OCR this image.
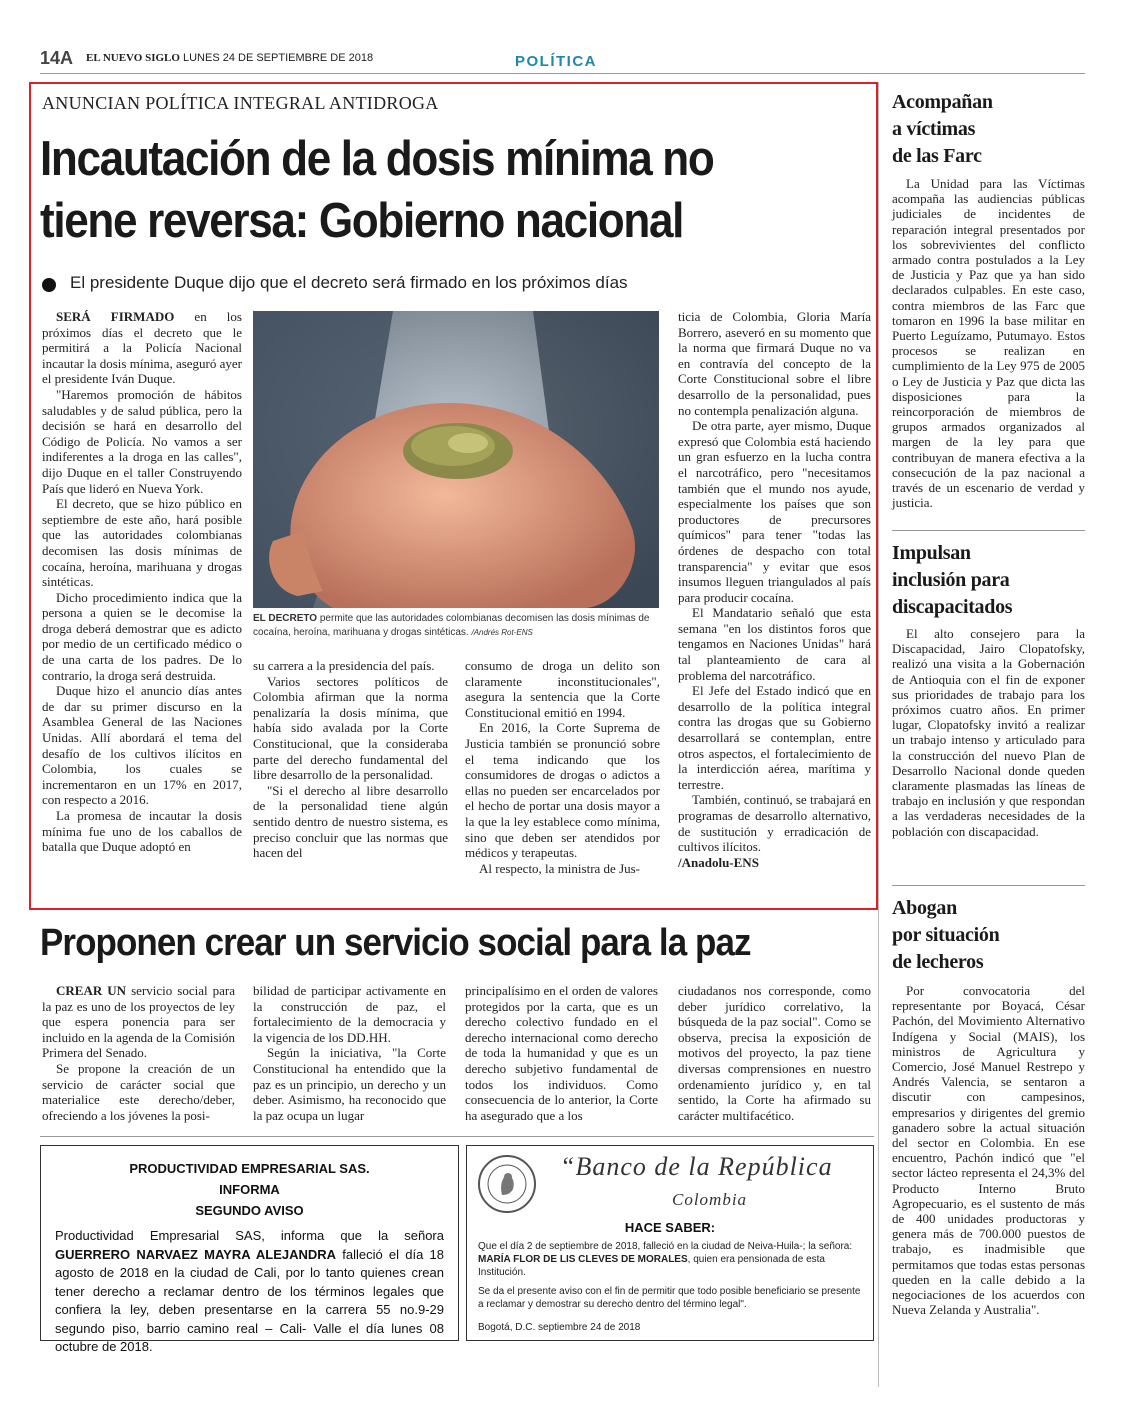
14A EL NUEVO SIGLO LUNES 24 DE SEPTIEMBRE DE 2018	POLÍTICA
ANUNCIAN POLÍTICA INTEGRAL ANTIDROGA
Incautación de la dosis mínima no
tiene reversa: Gobierno nacional
El presidente Duque dijo que el decreto será firmado en los próximos días

SERÁ FIRMADO en los próximos días el decreto que le permitirá a la Policía Nacional incautar la dosis mínima, aseguró ayer el presidente Iván Duque.

"Haremos promoción de hábitos saludables y de salud pública, pero la decisión se hará en desarrollo del Código de Policía. No vamos a ser indiferentes a la droga en las calles", dijo Duque en el taller Construyendo País que lideró en Nueva York.

El decreto, que se hizo público en septiembre de este año, hará posible que las autoridades colombianas decomisen las dosis mínimas de cocaína, heroína, marihuana y drogas sintéticas.

Dicho procedimiento indica que la persona a quien se le decomise la droga deberá demostrar que es adicto por medio de un certificado médico o de una carta de los padres. De lo contrario, la droga será destruida.

Duque hizo el anuncio días antes de dar su primer discurso en la Asamblea General de las Naciones Unidas. Allí abordará el tema del desafío de los cultivos ilícitos en Colombia, los cuales se incrementaron en un 17% en 2017, con respecto a 2016.

La promesa de incautar la dosis mínima fue uno de los caballos de batalla que Duque adoptó en

EL DECRETO permite que las autoridades colombianas decomisen las dosis mínimas de cocaína, heroína, marihuana y drogas sintéticas. /Andrés Rot-ENS

su carrera a la presidencia del país.

Varios sectores políticos de Colombia afirman que la norma penalizaría la dosis mínima, que había sido avalada por la Corte Constitucional, que la consideraba parte del derecho fundamental del libre desarrollo de la personalidad.

"Si el derecho al libre desarrollo de la personalidad tiene algún sentido dentro de nuestro sistema, es preciso concluir que las normas que hacen del

consumo de droga un delito son claramente inconstitucionales", asegura la sentencia que la Corte Constitucional emitió en 1994.

En 2016, la Corte Suprema de Justicia también se pronunció sobre el tema indicando que los consumidores de drogas o adictos a ellas no pueden ser encarcelados por el hecho de portar una dosis mayor a la que la ley establece como mínima, sino que deben ser atendidos por médicos y terapeutas.

Al respecto, la ministra de Jus-

ticia de Colombia, Gloria María Borrero, aseveró en su momento que la norma que firmará Duque no va en contravía del concepto de la Corte Constitucional sobre el libre desarrollo de la personalidad, pues no contempla penalización alguna.

De otra parte, ayer mismo, Duque expresó que Colombia está haciendo un gran esfuerzo en la lucha contra el narcotráfico, pero "necesitamos también que el mundo nos ayude, especialmente los países que son productores de precursores químicos" para tener "todas las órdenes de despacho con total transparencia" y evitar que esos insumos lleguen triangulados al país para producir cocaína.

El Mandatario señaló que esta semana "en los distintos foros que tengamos en Naciones Unidas" hará tal planteamiento de cara al problema del narcotráfico.

El Jefe del Estado indicó que en desarrollo de la política integral contra las drogas que su Gobierno desarrollará se contemplan, entre otros aspectos, el fortalecimiento de la interdicción aérea, marítima y terrestre.

También, continuó, se trabajará en programas de desarrollo alternativo, de sustitución y erradicación de cultivos ilícitos.

/Anadolu-ENS

Proponen crear un servicio social para la paz

CREAR UN servicio social para la paz es uno de los proyectos de ley que espera ponencia para ser incluido en la agenda de la Comisión Primera del Senado.

Se propone la creación de un servicio de carácter social que materialice este derecho/deber, ofreciendo a los jóvenes la posi-

bilidad de participar activamente en la construcción de paz, el fortalecimiento de la democracia y la vigencia de los DD.HH.

Según la iniciativa, "la Corte Constitucional ha entendido que la paz es un principio, un derecho y un deber. Asimismo, ha reconocido que la paz ocupa un lugar

principalísimo en el orden de valores protegidos por la carta, que es un derecho colectivo fundado en el derecho internacional como derecho de toda la humanidad y que es un derecho subjetivo fundamental de todos los individuos. Como consecuencia de lo anterior, la Corte ha asegurado que a los

ciudadanos nos corresponde, como deber jurídico correlativo, la búsqueda de la paz social". Como se observa, precisa la exposición de motivos del proyecto, la paz tiene diversas comprensiones en nuestro ordenamiento jurídico y, en tal sentido, la Corte ha afirmado su carácter multifacético.

PRODUCTIVIDAD EMPRESARIAL SAS.
INFORMA
SEGUNDO AVISO
Productividad Empresarial SAS, informa que la señora GUERRERO NARVAEZ MAYRA ALEJANDRA falleció el día 18 agosto de 2018 en la ciudad de Cali, por lo tanto quienes crean tener derecho a reclamar dentro de los términos legales que confiera la ley, deben presentarse en la carrera 55 no.9-29 segundo piso, barrio camino real – Cali- Valle el día lunes 08 octubre de 2018.
“Banco de la República
Colombia
HACE SABER:
Que el día 2 de septiembre de 2018, falleció en la ciudad de Neiva-Huila-; la señora: MARÍA FLOR DE LIS CLEVES DE MORALES, quien era pensionada de esta Institución.
Se da el presente aviso con el fin de permitir que todo posible beneficiario se presente a reclamar y demostrar su derecho dentro del término legal".
Bogotá, D.C. septiembre 24 de 2018
Acompañan
a víctimas
de las Farc

La Unidad para las Víctimas acompaña las audiencias públicas judiciales de incidentes de reparación integral presentados por los sobrevivientes del conflicto armado contra postulados a la Ley de Justicia y Paz que ya han sido declarados culpables. En este caso, contra miembros de las Farc que tomaron en 1996 la base militar en Puerto Leguízamo, Putumayo. Estos procesos se realizan en cumplimiento de la Ley 975 de 2005 o Ley de Justicia y Paz que dicta las disposiciones para la reincorporación de miembros de grupos armados organizados al margen de la ley para que contribuyan de manera efectiva a la consecución de la paz nacional a través de un escenario de verdad y justicia.

Impulsan
inclusión para
discapacitados

El alto consejero para la Discapacidad, Jairo Clopatofsky, realizó una visita a la Gobernación de Antioquia con el fin de exponer sus prioridades de trabajo para los próximos cuatro años. En primer lugar, Clopatofsky invitó a realizar un trabajo intenso y articulado para la construcción del nuevo Plan de Desarrollo Nacional donde queden claramente plasmadas las líneas de trabajo en inclusión y que respondan a las verdaderas necesidades de la población con discapacidad.

Abogan
por situación
de lecheros

Por convocatoria del representante por Boyacá, César Pachón, del Movimiento Alternativo Indígena y Social (MAIS), los ministros de Agricultura y Comercio, José Manuel Restrepo y Andrés Valencia, se sentaron a discutir con campesinos, empresarios y dirigentes del gremio ganadero sobre la actual situación del sector en Colombia. En ese encuentro, Pachón indicó que "el sector lácteo representa el 24,3% del Producto Interno Bruto Agropecuario, es el sustento de más de 400 unidades productoras y genera más de 700.000 puestos de trabajo, es inadmisible que permitamos que todas estas personas queden en la calle debido a la negociaciones de los acuerdos con Nueva Zelanda y Australia".
